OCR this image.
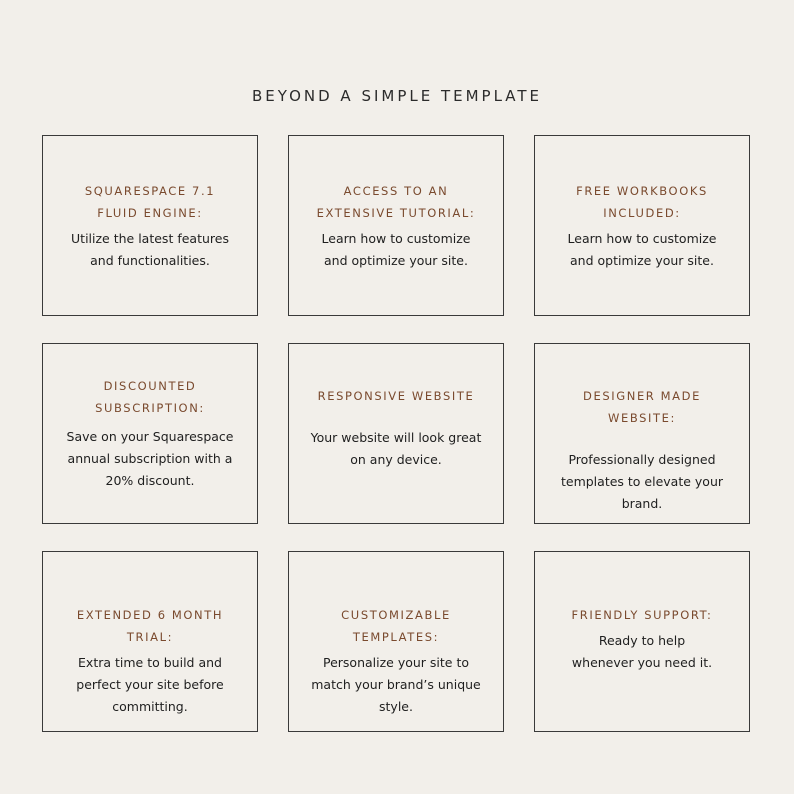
BEYOND A SIMPLE TEMPLATE
SQUARESPACE 7.1 FLUID ENGINE:

Utilize the latest features and functionalities.

ACCESS TO AN EXTENSIVE TUTORIAL:

Learn how to customize and optimize your site.

FREE WORKBOOKS INCLUDED:

Learn how to customize and optimize your site.

DISCOUNTED SUBSCRIPTION:

Save on your Squarespace annual subscription with a 20% discount.

RESPONSIVE WEBSITE

Your website will look great on any device.

DESIGNER MADE WEBSITE:

Professionally designed templates to elevate your brand.

EXTENDED 6 MONTH TRIAL:

Extra time to build and perfect your site before committing.

CUSTOMIZABLE TEMPLATES:

Personalize your site to match your brand’s unique style.

FRIENDLY SUPPORT:

Ready to help whenever you need it.
